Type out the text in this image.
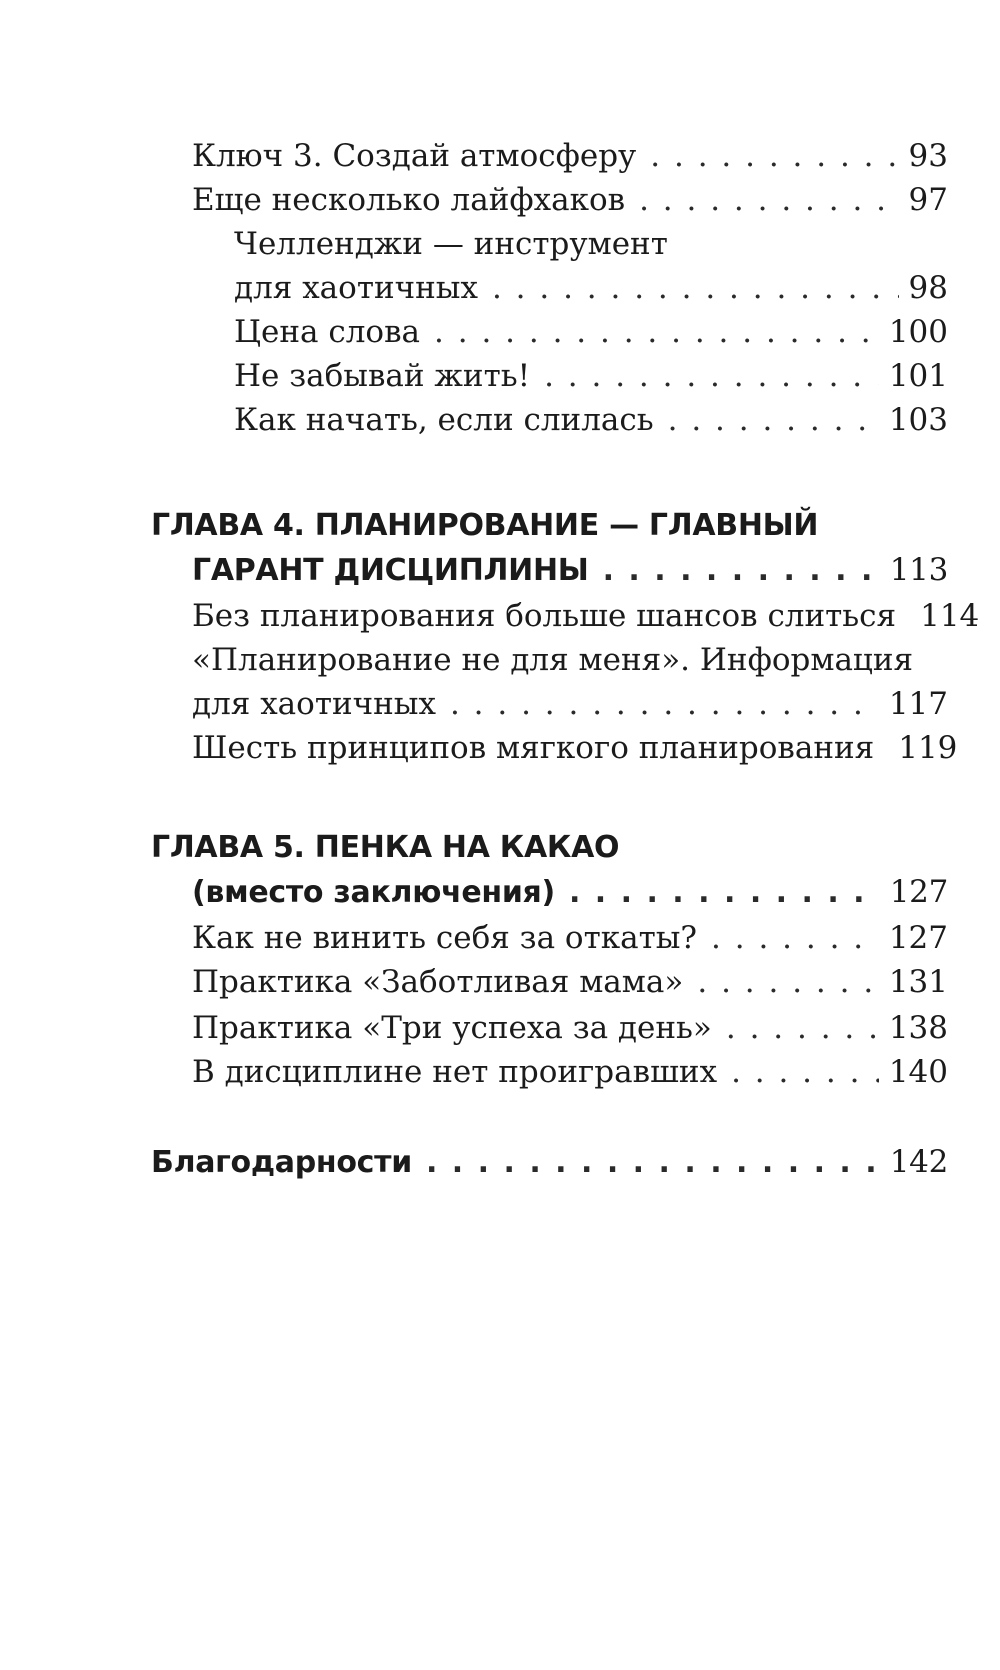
Ключ 3. Создай атмосферу . . .	93
Еще несколько лайфхаков . . .	97
Челленджи — инструмент
для хаотичных . . .	98
Цена слова . . .	100
Не забывай жить! . . .	101
Как начать, если слилась . . .	103
ГЛАВА 4. ПЛАНИРОВАНИЕ — ГЛАВНЫЙ
ГАРАНТ ДИСЦИПЛИНЫ . . .	113
Без планирования больше шансов слиться 114
«Планирование не для меня». Информация
для хаотичных . . .	117
Шесть принципов мягкого планирования 119
ГЛАВА 5. ПЕНКА НА КАКАО
(вместо заключения) . . .	127
Как не винить себя за откаты? . . .	127
Практика «Заботливая мама» . . .	131
Практика «Три успеха за день» . . .	138
В дисциплине нет проигравших . . .	140
Благодарности . . .	142
